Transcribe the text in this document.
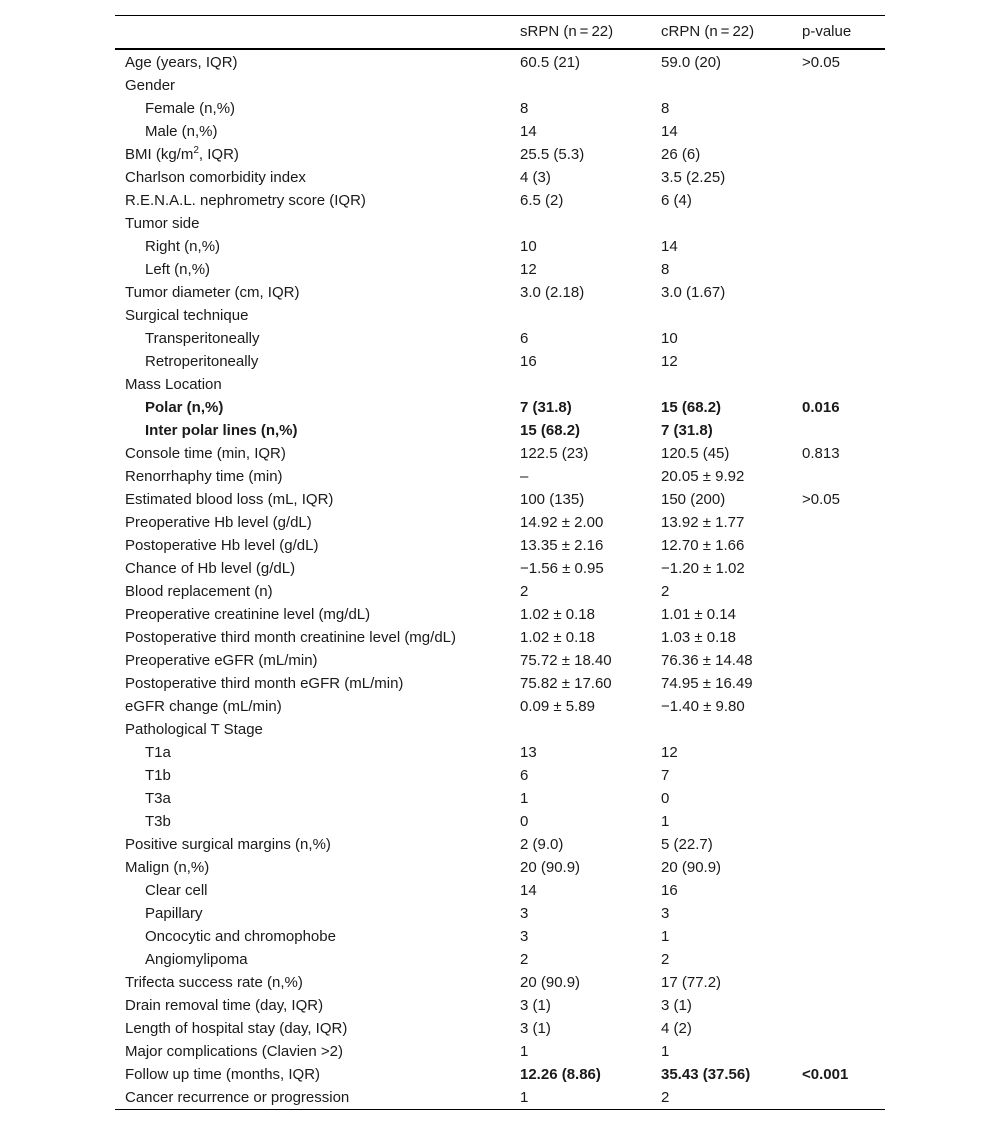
sRPN (n = 22)	cRPN (n = 22)	p-value
Age (years, IQR)	60.5 (21)	59.0 (20)	>0.05
Gender
Female (n,%)	8	8
Male (n,%)	14	14
BMI ($kg/m^2$, IQR)	25.5 (5.3)	26 (6)
Charlson comorbidity index	4 (3)	3.5 (2.25)
R.E.N.A.L. nephrometry score (IQR)	6.5 (2)	6 (4)
Tumor side
Right (n,%)	10	14
Left (n,%)	12	8
Tumor diameter (cm, IQR)	3.0 (2.18)	3.0 (1.67)
Surgical technique
Transperitoneally	6	10
Retroperitoneally	16	12
Mass Location
Polar (n,%)	7 (31.8)	15 (68.2)	0.016
Inter polar lines (n,%)	15 (68.2)	7 (31.8)
Console time (min, IQR)	122.5 (23)	120.5 (45)	0.813
Renorrhaphy time (min)	–	20.05 ± 9.92
Estimated blood loss (mL, IQR)	100 (135)	150 (200)	>0.05
Preoperative Hb level (g/dL)	14.92 ± 2.00	13.92 ± 1.77
Postoperative Hb level (g/dL)	13.35 ± 2.16	12.70 ± 1.66
Chance of Hb level (g/dL)	−1.56 ± 0.95	−1.20 ± 1.02
Blood replacement (n)	2	2
Preoperative creatinine level (mg/dL)	1.02 ± 0.18	1.01 ± 0.14
Postoperative third month creatinine level (mg/dL)	1.02 ± 0.18	1.03 ± 0.18
Preoperative eGFR (mL/min)	75.72 ± 18.40	76.36 ± 14.48
Postoperative third month eGFR (mL/min)	75.82 ± 17.60	74.95 ± 16.49
eGFR change (mL/min)	0.09 ± 5.89	−1.40 ± 9.80
Pathological T Stage
T1a	13	12
T1b	6	7
T3a	1	0
T3b	0	1
Positive surgical margins (n,%)	2 (9.0)	5 (22.7)
Malign (n,%)	20 (90.9)	20 (90.9)
Clear cell	14	16
Papillary	3	3
Oncocytic and chromophobe	3	1
Angiomylipoma	2	2
Trifecta success rate (n,%)	20 (90.9)	17 (77.2)
Drain removal time (day, IQR)	3 (1)	3 (1)
Length of hospital stay (day, IQR)	3 (1)	4 (2)
Major complications (Clavien >2)	1	1
Follow up time (months, IQR)	12.26 (8.86)	35.43 (37.56)	<0.001
Cancer recurrence or progression	1	2
